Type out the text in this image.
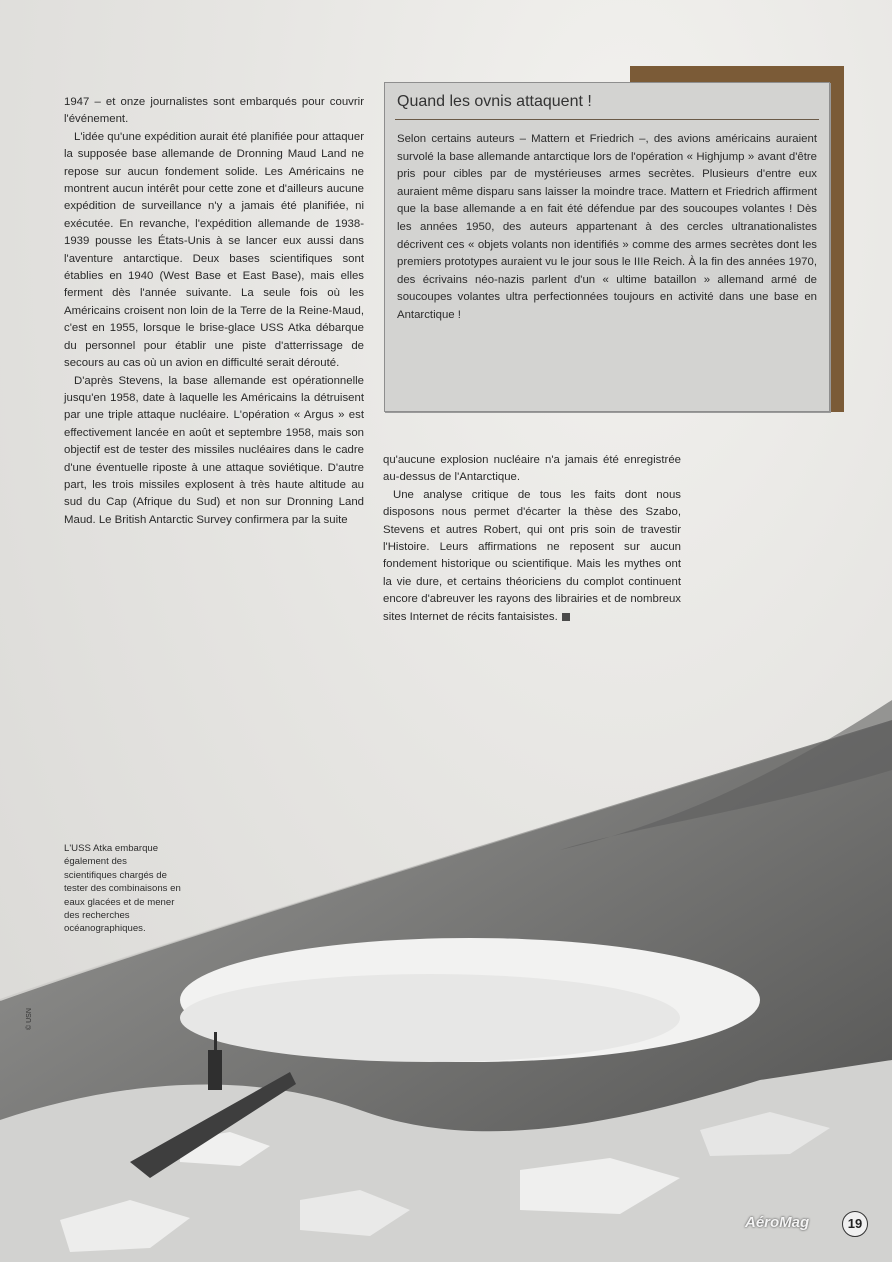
1947 – et onze journalistes sont embarqués pour couvrir l'événement.

L'idée qu'une expédition aurait été planifiée pour attaquer la supposée base allemande de Dronning Maud Land ne repose sur aucun fondement solide. Les Américains ne montrent aucun intérêt pour cette zone et d'ailleurs aucune expédition de surveillance n'y a jamais été planifiée, ni exécutée. En revanche, l'expédition allemande de 1938-1939 pousse les États-Unis à se lancer eux aussi dans l'aventure antarctique. Deux bases scientifiques sont établies en 1940 (West Base et East Base), mais elles ferment dès l'année suivante. La seule fois où les Américains croisent non loin de la Terre de la Reine-Maud, c'est en 1955, lorsque le brise-glace USS Atka débarque du personnel pour établir une piste d'atterrissage de secours au cas où un avion en difficulté serait dérouté.

D'après Stevens, la base allemande est opérationnelle jusqu'en 1958, date à laquelle les Américains la détruisent par une triple attaque nucléaire. L'opération « Argus » est effectivement lancée en août et septembre 1958, mais son objectif est de tester des missiles nucléaires dans le cadre d'une éventuelle riposte à une attaque soviétique. D'autre part, les trois missiles explosent à très haute altitude au sud du Cap (Afrique du Sud) et non sur Dronning Land Maud. Le British Antarctic Survey confirmera par la suite

qu'aucune explosion nucléaire n'a jamais été enregistrée au-dessus de l'Antarctique.

Une analyse critique de tous les faits dont nous disposons nous permet d'écarter la thèse des Szabo, Stevens et autres Robert, qui ont pris soin de travestir l'Histoire. Leurs affirmations ne reposent sur aucun fondement historique ou scientifique. Mais les mythes ont la vie dure, et certains théoriciens du complot continuent encore d'abreuver les rayons des librairies et de nombreux sites Internet de récits fantaisistes.

Quand les ovnis attaquent !
Selon certains auteurs – Mattern et Friedrich –, des avions américains auraient survolé la base allemande antarctique lors de l'opération « Highjump » avant d'être pris pour cibles par de mystérieuses armes secrètes. Plusieurs d'entre eux auraient même disparu sans laisser la moindre trace. Mattern et Friedrich affirment que la base allemande a en fait été défendue par des soucoupes volantes ! Dès les années 1950, des auteurs appartenant à des cercles ultranationalistes décrivent ces « objets volants non identifiés » comme des armes secrètes dont les premiers prototypes auraient vu le jour sous le IIIe Reich. À la fin des années 1970, des écrivains néo-nazis parlent d'un « ultime bataillon » allemand armé de soucoupes volantes ultra perfectionnées toujours en activité dans une base en Antarctique !
L'USS Atka embarque également des scientifiques chargés de tester des combinaisons en eaux glacées et de mener des recherches océanographiques.
© USN
AéroMag	19
